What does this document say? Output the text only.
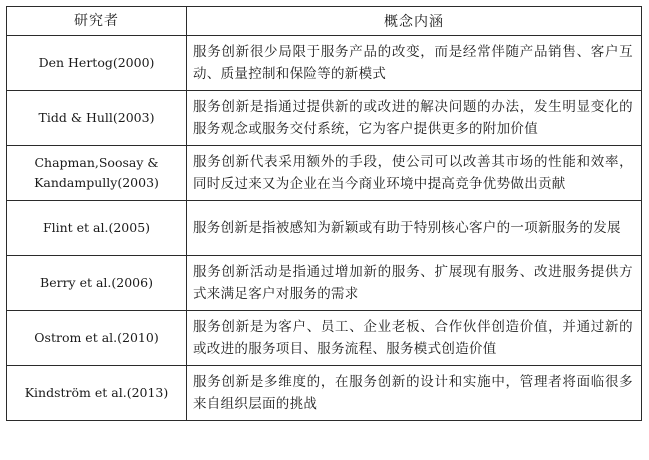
研究者	概念内涵
Den Hertog(2000)	服务创新很少局限于服务产品的改变，而是经常伴随产品销售、客户互动、质量控制和保险等的新模式
Tidd & Hull(2003)	服务创新是指通过提供新的或改进的解决问题的办法，发生明显变化的服务观念或服务交付系统，它为客户提供更多的附加价值
Chapman,Soosay & Kandampully(2003)	服务创新代表采用额外的手段，使公司可以改善其市场的性能和效率，同时反过来又为企业在当今商业环境中提高竞争优势做出贡献
Flint et al.(2005)	服务创新是指被感知为新颖或有助于特别核心客户的一项新服务的发展
Berry et al.(2006)	服务创新活动是指通过增加新的服务、扩展现有服务、改进服务提供方式来满足客户对服务的需求
Ostrom et al.(2010)	服务创新是为客户、员工、企业老板、合作伙伴创造价值，并通过新的或改进的服务项目、服务流程、服务模式创造价值
Kindström et al.(2013)	服务创新是多维度的，在服务创新的设计和实施中，管理者将面临很多来自组织层面的挑战
